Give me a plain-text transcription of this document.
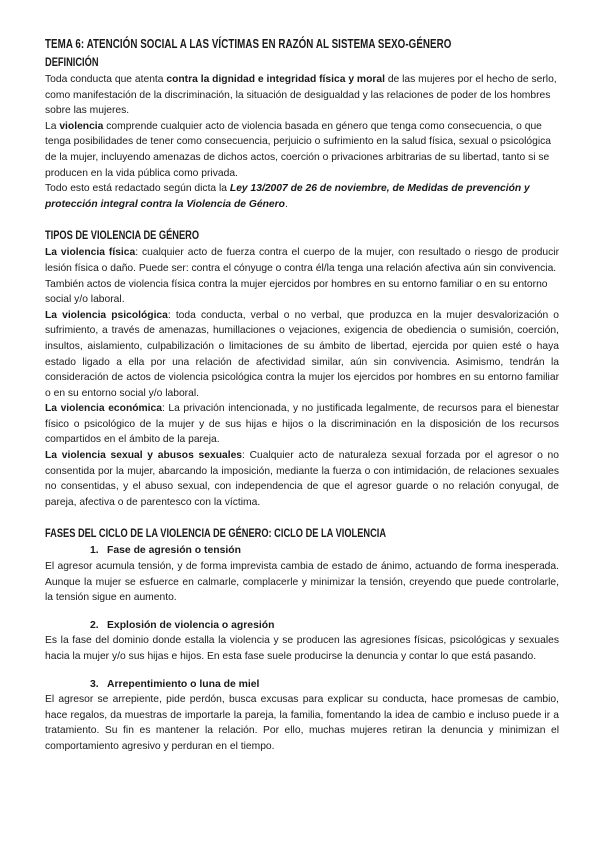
TEMA 6: ATENCIÓN SOCIAL A LAS VÍCTIMAS EN RAZÓN AL SISTEMA SEXO-GÉNERO
DEFINICIÓN

Toda conducta que atenta contra la dignidad e integridad física y moral de las mujeres por el hecho de serlo, como manifestación de la discriminación, la situación de desigualdad y las relaciones de poder de los hombres sobre las mujeres.

La violencia comprende cualquier acto de violencia basada en género que tenga como consecuencia, o que tenga posibilidades de tener como consecuencia, perjuicio o sufrimiento en la salud física, sexual o psicológica de la mujer, incluyendo amenazas de dichos actos, coerción o privaciones arbitrarias de su libertad, tanto si se producen en la vida pública como privada.

Todo esto está redactado según dicta la Ley 13/2007 de 26 de noviembre, de Medidas de prevención y protección integral contra la Violencia de Género.

TIPOS DE VIOLENCIA DE GÉNERO

La violencia física: cualquier acto de fuerza contra el cuerpo de la mujer, con resultado o riesgo de producir lesión física o daño. Puede ser: contra el cónyuge o contra él/la tenga una relación afectiva aún sin convivencia.

También actos de violencia física contra la mujer ejercidos por hombres en su entorno familiar o en su entorno social y/o laboral.

La violencia psicológica: toda conducta, verbal o no verbal, que produzca en la mujer desvalorización o sufrimiento, a través de amenazas, humillaciones o vejaciones, exigencia de obediencia o sumisión, coerción, insultos, aislamiento, culpabilización o limitaciones de su ámbito de libertad, ejercida por quien esté o haya estado ligado a ella por una relación de afectividad similar, aún sin convivencia. Asimismo, tendrán la consideración de actos de violencia psicológica contra la mujer los ejercidos por hombres en su entorno familiar o en su entorno social y/o laboral.

La violencia económica: La privación intencionada, y no justificada legalmente, de recursos para el bienestar físico o psicológico de la mujer y de sus hijas e hijos o la discriminación en la disposición de los recursos compartidos en el ámbito de la pareja.

La violencia sexual y abusos sexuales: Cualquier acto de naturaleza sexual forzada por el agresor o no consentida por la mujer, abarcando la imposición, mediante la fuerza o con intimidación, de relaciones sexuales no consentidas, y el abuso sexual, con independencia de que el agresor guarde o no relación conyugal, de pareja, afectiva o de parentesco con la víctima.

FASES DEL CICLO DE LA VIOLENCIA DE GÉNERO: CICLO DE LA VIOLENCIA
1. Fase de agresión o tensión

El agresor acumula tensión, y de forma imprevista cambia de estado de ánimo, actuando de forma inesperada. Aunque la mujer se esfuerce en calmarle, complacerle y minimizar la tensión, creyendo que puede controlarle, la tensión sigue en aumento.

2. Explosión de violencia o agresión

Es la fase del dominio donde estalla la violencia y se producen las agresiones físicas, psicológicas y sexuales hacia la mujer y/o sus hijas e hijos. En esta fase suele producirse la denuncia y contar lo que está pasando.

3. Arrepentimiento o luna de miel

El agresor se arrepiente, pide perdón, busca excusas para explicar su conducta, hace promesas de cambio, hace regalos, da muestras de importarle la pareja, la familia, fomentando la idea de cambio e incluso puede ir a tratamiento. Su fin es mantener la relación. Por ello, muchas mujeres retiran la denuncia y minimizan el comportamiento agresivo y perduran en el tiempo.
